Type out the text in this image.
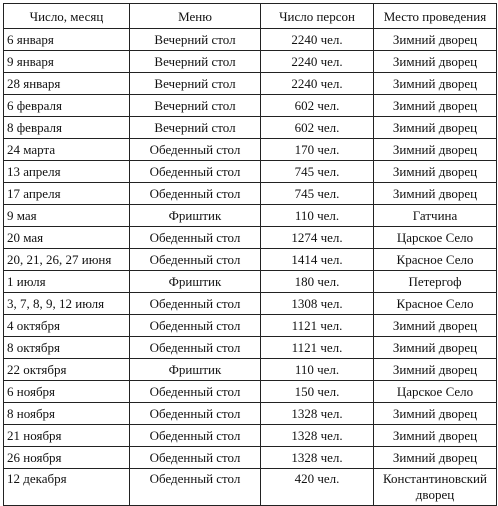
Число, месяц	Меню	Число персон	Место проведения
6 января	Вечерний стол	2240 чел.	Зимний дворец
9 января	Вечерний стол	2240 чел.	Зимний дворец
28 января	Вечерний стол	2240 чел.	Зимний дворец
6 февраля	Вечерний стол	602 чел.	Зимний дворец
8 февраля	Вечерний стол	602 чел.	Зимний дворец
24 марта	Обеденный стол	170 чел.	Зимний дворец
13 апреля	Обеденный стол	745 чел.	Зимний дворец
17 апреля	Обеденный стол	745 чел.	Зимний дворец
9 мая	Фриштик	110 чел.	Гатчина
20 мая	Обеденный стол	1274 чел.	Царское Село
20, 21, 26, 27 июня	Обеденный стол	1414 чел.	Красное Село
1 июля	Фриштик	180 чел.	Петергоф
3, 7, 8, 9, 12 июля	Обеденный стол	1308 чел.	Красное Село
4 октября	Обеденный стол	1121 чел.	Зимний дворец
8 октября	Обеденный стол	1121 чел.	Зимний дворец
22 октября	Фриштик	110 чел.	Зимний дворец
6 ноября	Обеденный стол	150 чел.	Царское Село
8 ноября	Обеденный стол	1328 чел.	Зимний дворец
21 ноября	Обеденный стол	1328 чел.	Зимний дворец
26 ноября	Обеденный стол	1328 чел.	Зимний дворец
12 декабря	Обеденный стол	420 чел.	Константиновский дворец
